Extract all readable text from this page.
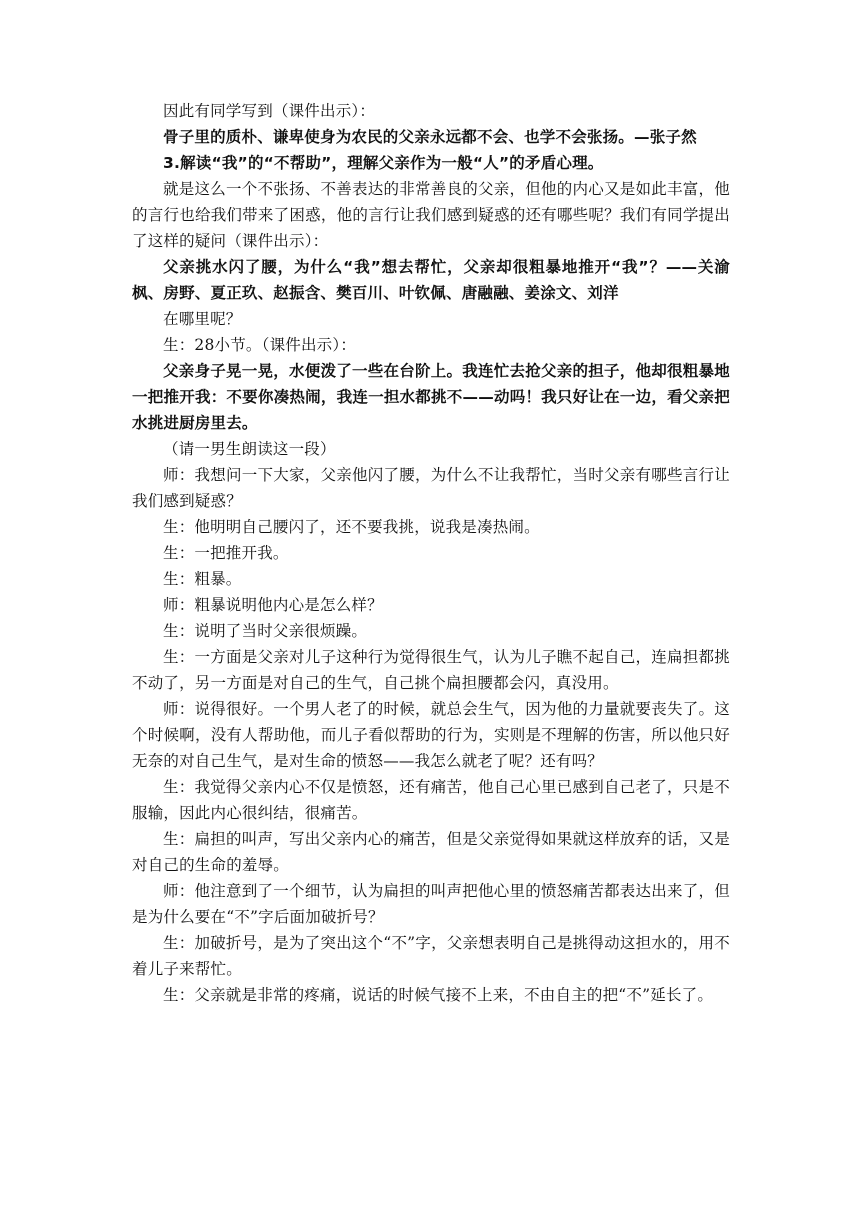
因此有同学写到（课件出示）：

骨子里的质朴、谦卑使身为农民的父亲永远都不会、也学不会张扬。—张子然

3.解读“我”的“不帮助”，理解父亲作为一般“人”的矛盾心理。

就是这么一个不张扬、不善表达的非常善良的父亲，但他的内心又是如此丰富，他的言行也给我们带来了困惑，他的言行让我们感到疑惑的还有哪些呢？我们有同学提出了这样的疑问（课件出示）：

父亲挑水闪了腰，为什么“我”想去帮忙，父亲却很粗暴地推开“我”？——关渝枫、房野、夏正玖、赵振含、樊百川、叶钦佩、唐融融、姜涂文、刘洋

在哪里呢？

生：28小节。（课件出示）：

父亲身子晃一晃，水便泼了一些在台阶上。我连忙去抢父亲的担子，他却很粗暴地一把推开我：不要你凑热闹，我连一担水都挑不——动吗！我只好让在一边，看父亲把水挑进厨房里去。

（请一男生朗读这一段）

师：我想问一下大家，父亲他闪了腰，为什么不让我帮忙，当时父亲有哪些言行让我们感到疑惑？

生：他明明自己腰闪了，还不要我挑，说我是凑热闹。

生：一把推开我。

生：粗暴。

师：粗暴说明他内心是怎么样？

生：说明了当时父亲很烦躁。

生：一方面是父亲对儿子这种行为觉得很生气，认为儿子瞧不起自己，连扁担都挑不动了，另一方面是对自己的生气，自己挑个扁担腰都会闪，真没用。

师：说得很好。一个男人老了的时候，就总会生气，因为他的力量就要丧失了。这个时候啊，没有人帮助他，而儿子看似帮助的行为，实则是不理解的伤害，所以他只好无奈的对自己生气，是对生命的愤怒——我怎么就老了呢？还有吗？

生：我觉得父亲内心不仅是愤怒，还有痛苦，他自己心里已感到自己老了，只是不服输，因此内心很纠结，很痛苦。

生：扁担的叫声，写出父亲内心的痛苦，但是父亲觉得如果就这样放弃的话，又是对自己的生命的羞辱。

师：他注意到了一个细节，认为扁担的叫声把他心里的愤怒痛苦都表达出来了，但是为什么要在“不”字后面加破折号？

生：加破折号，是为了突出这个“不”字，父亲想表明自己是挑得动这担水的，用不着儿子来帮忙。

生：父亲就是非常的疼痛，说话的时候气接不上来，不由自主的把“不”延长了。
